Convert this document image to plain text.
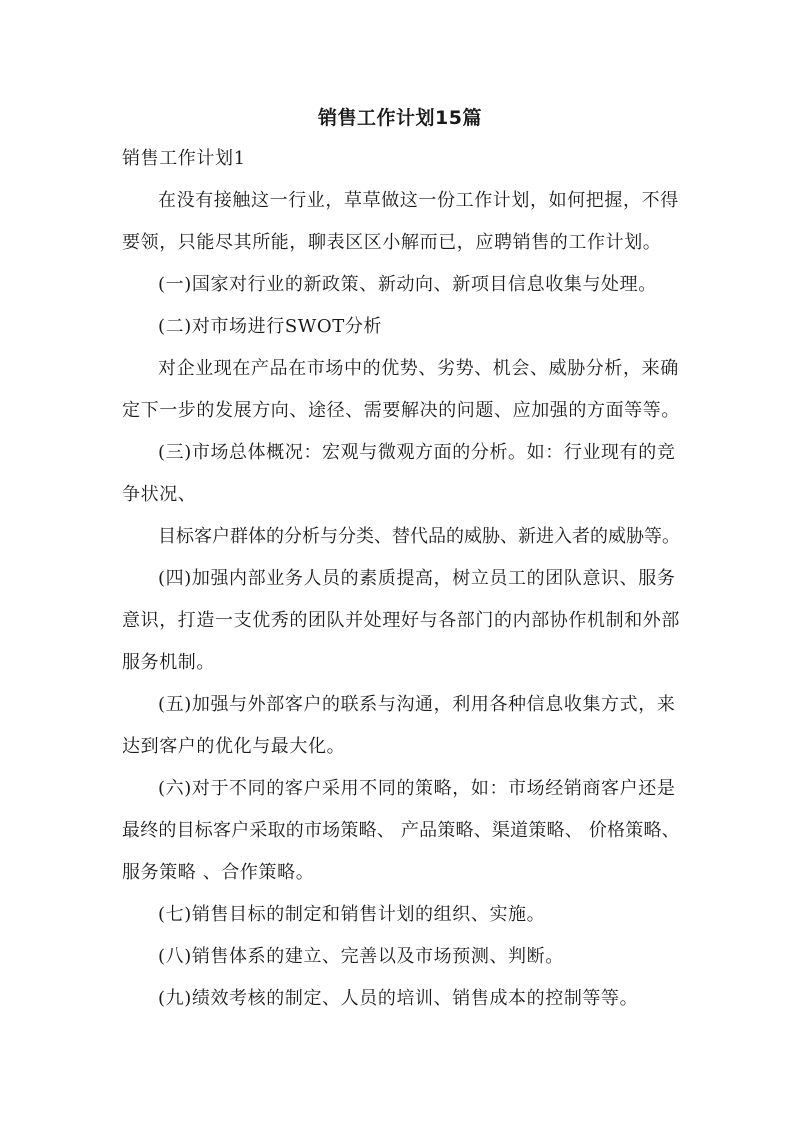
销售工作计划15篇
销售工作计划1
在没有接触这一行业，草草做这一份工作计划，如何把握，不得
要领，只能尽其所能，聊表区区小解而已，应聘销售的工作计划。
(一)国家对行业的新政策、新动向、新项目信息收集与处理。
(二)对市场进行SWOT分析
对企业现在产品在市场中的优势、劣势、机会、威胁分析，来确
定下一步的发展方向、途径、需要解决的问题、应加强的方面等等。
(三)市场总体概况：宏观与微观方面的分析。如：行业现有的竞
争状况、
目标客户群体的分析与分类、替代品的威胁、新进入者的威胁等。
(四)加强内部业务人员的素质提高，树立员工的团队意识、服务
意识，打造一支优秀的团队并处理好与各部门的内部协作机制和外部
服务机制。
(五)加强与外部客户的联系与沟通，利用各种信息收集方式，来
达到客户的优化与最大化。
(六)对于不同的客户采用不同的策略，如：市场经销商客户还是
最终的目标客户采取的市场策略、 产品策略、渠道策略、 价格策略、
服务策略 、合作策略。
(七)销售目标的制定和销售计划的组织、实施。
(八)销售体系的建立、完善以及市场预测、判断。
(九)绩效考核的制定、人员的培训、销售成本的控制等等。
